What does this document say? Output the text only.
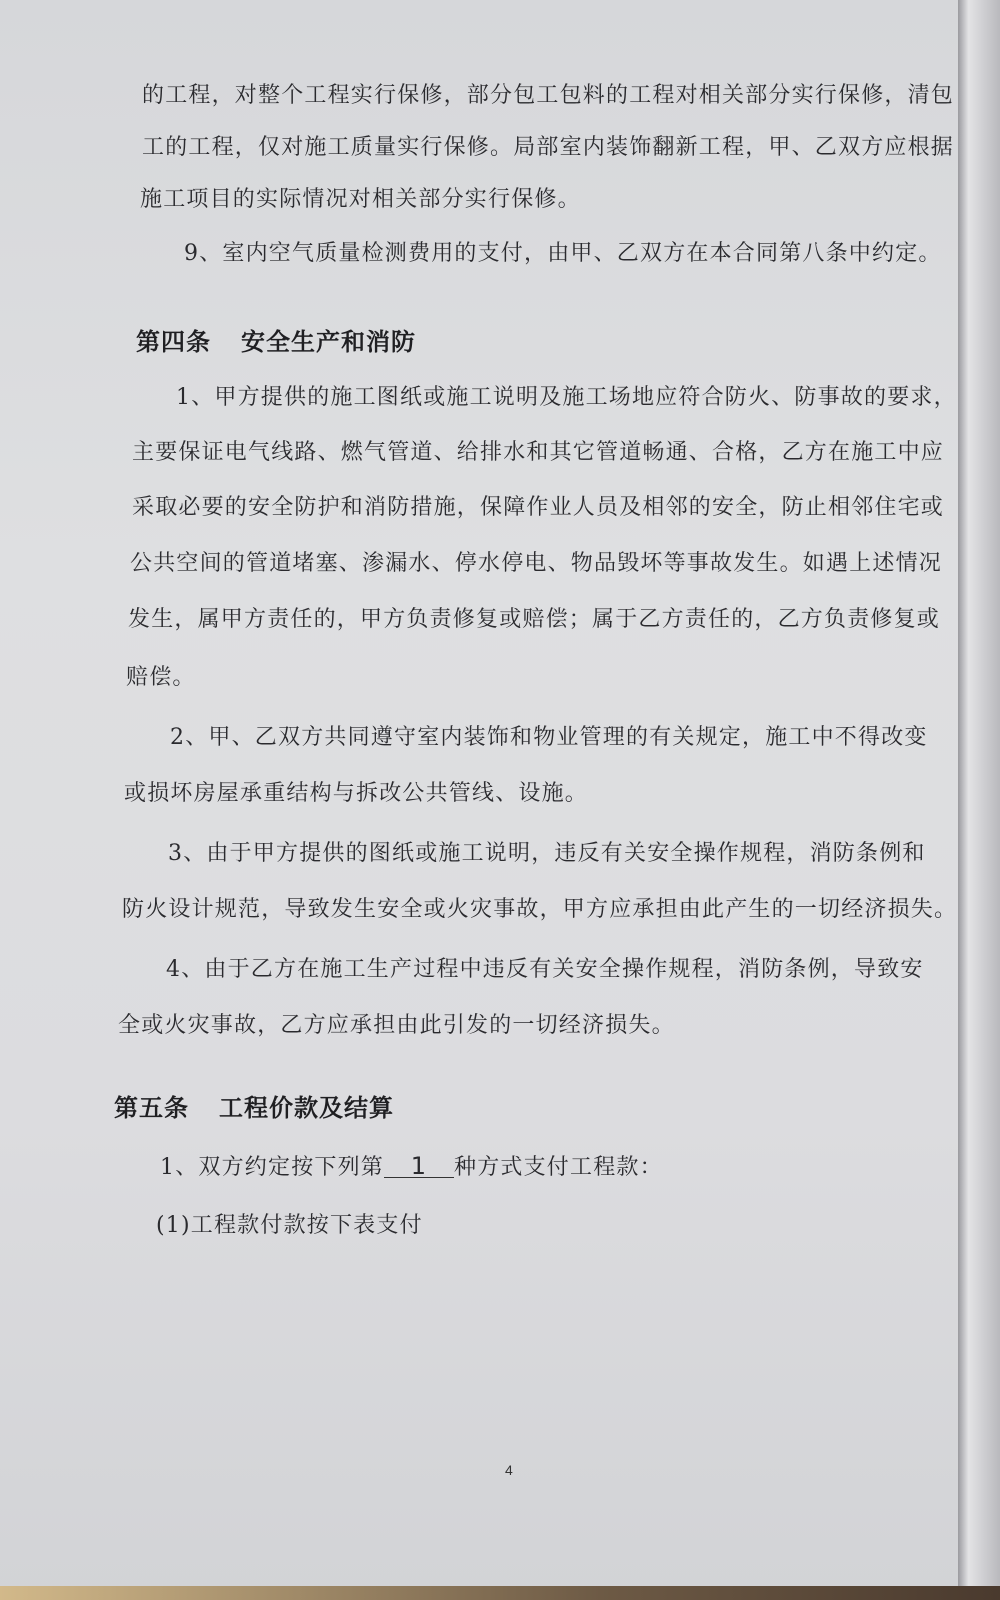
的工程，对整个工程实行保修，部分包工包料的工程对相关部分实行保修，清包
工的工程，仅对施工质量实行保修。局部室内装饰翻新工程，甲、乙双方应根据
施工项目的实际情况对相关部分实行保修。
9、室内空气质量检测费用的支付，由甲、乙双方在本合同第八条中约定。
第四条 安全生产和消防
1、甲方提供的施工图纸或施工说明及施工场地应符合防火、防事故的要求，
主要保证电气线路、燃气管道、给排水和其它管道畅通、合格，乙方在施工中应
采取必要的安全防护和消防措施，保障作业人员及相邻的安全，防止相邻住宅或
公共空间的管道堵塞、渗漏水、停水停电、物品毁坏等事故发生。如遇上述情况
发生，属甲方责任的，甲方负责修复或赔偿；属于乙方责任的，乙方负责修复或
赔偿。
2、甲、乙双方共同遵守室内装饰和物业管理的有关规定，施工中不得改变
或损坏房屋承重结构与拆改公共管线、设施。
3、由于甲方提供的图纸或施工说明，违反有关安全操作规程，消防条例和
防火设计规范，导致发生安全或火灾事故，甲方应承担由此产生的一切经济损失。
4、由于乙方在施工生产过程中违反有关安全操作规程，消防条例，导致安
全或火灾事故，乙方应承担由此引发的一切经济损失。
第五条 工程价款及结算
1、双方约定按下列第 1 种方式支付工程款：
(1)工程款付款按下表支付
4
